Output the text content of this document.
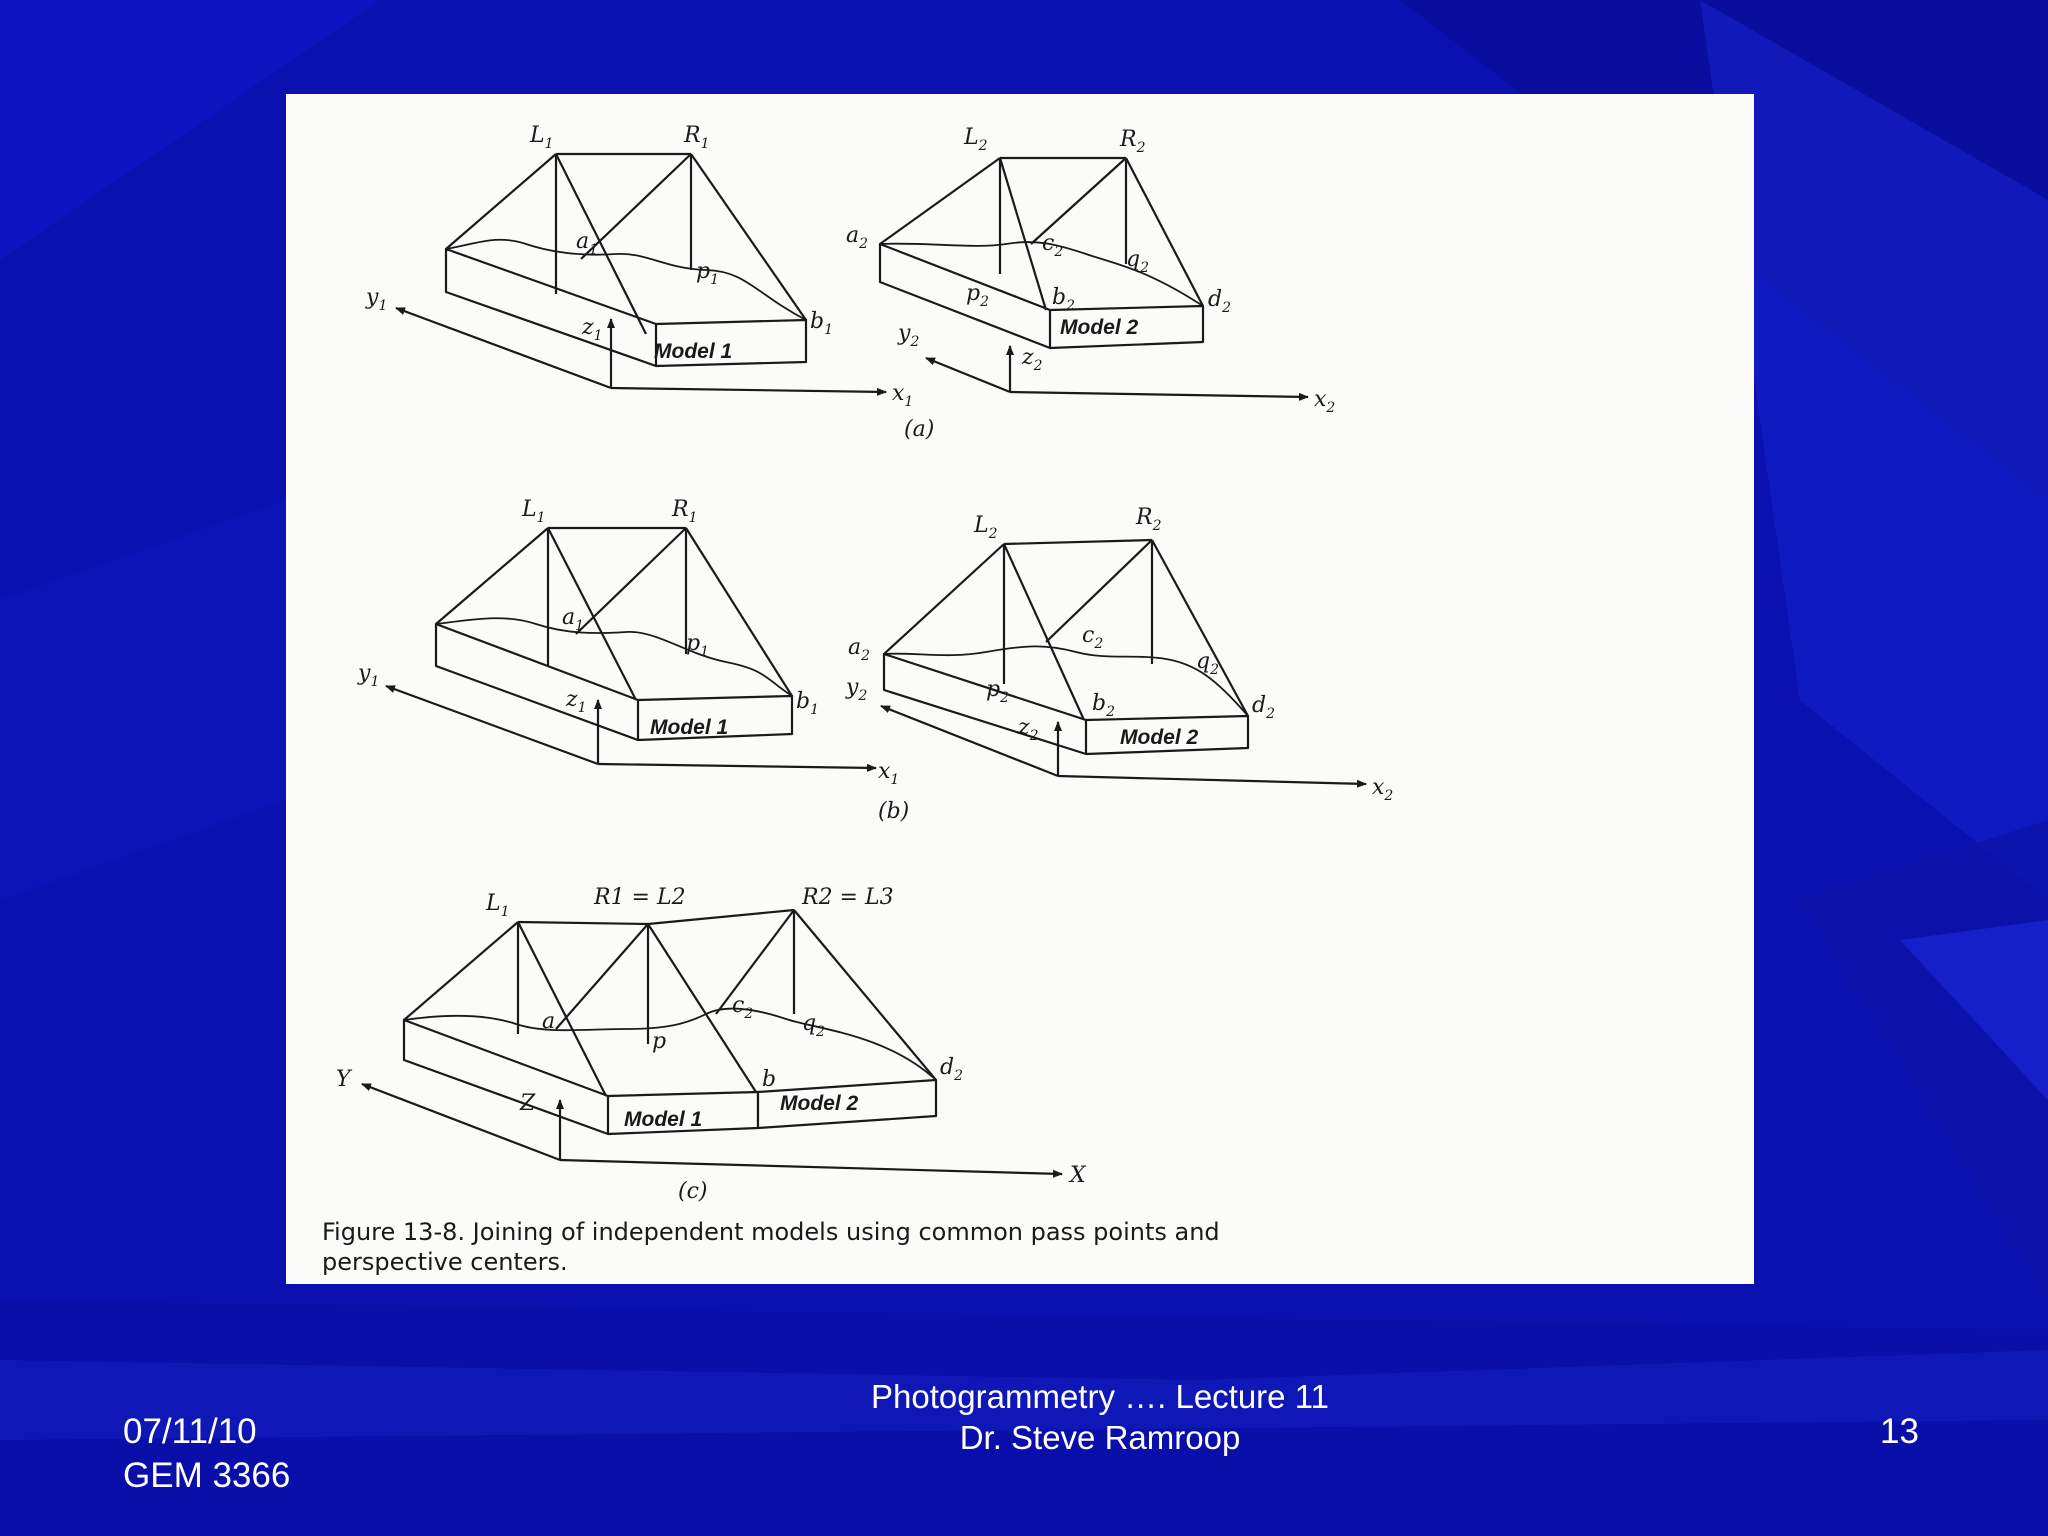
$L_1$	$R_1$
$a_1$
$p_1$
$b_1$
$y_1$
$z_1$
$x_1$
$L_2$	$R_2$
$a_2$	$c_2$	$q_2$
$p_2$	$b_2$	$d_2$
$y_2$
$z_2$
$x_2$
Model 1
Model 2
(a)
$L_1$	$R_1$
$a_1$
$p_1$
$b_1$
$y_1$
$z_1$
$x_1$
$L_2$
$R_2$
$a_2$
$c_2$
$q_2$
$p_2$	$b_2$	$d_2$
$y_2$
$z_2$
$x_2$
Model 1	Model 2
(b)
$L_1$
R1 = L2	R2 = L3
a
p
$c_2$ $q_2$
b	$d_2$
Y
Z
X
Model 1
Model 2
(c)
Figure 13-8. Joining of independent models using common pass points and
perspective centers.
07/11/10
GEM 3366
Photogrammetry …. Lecture 11
Dr. Steve Ramroop	13
